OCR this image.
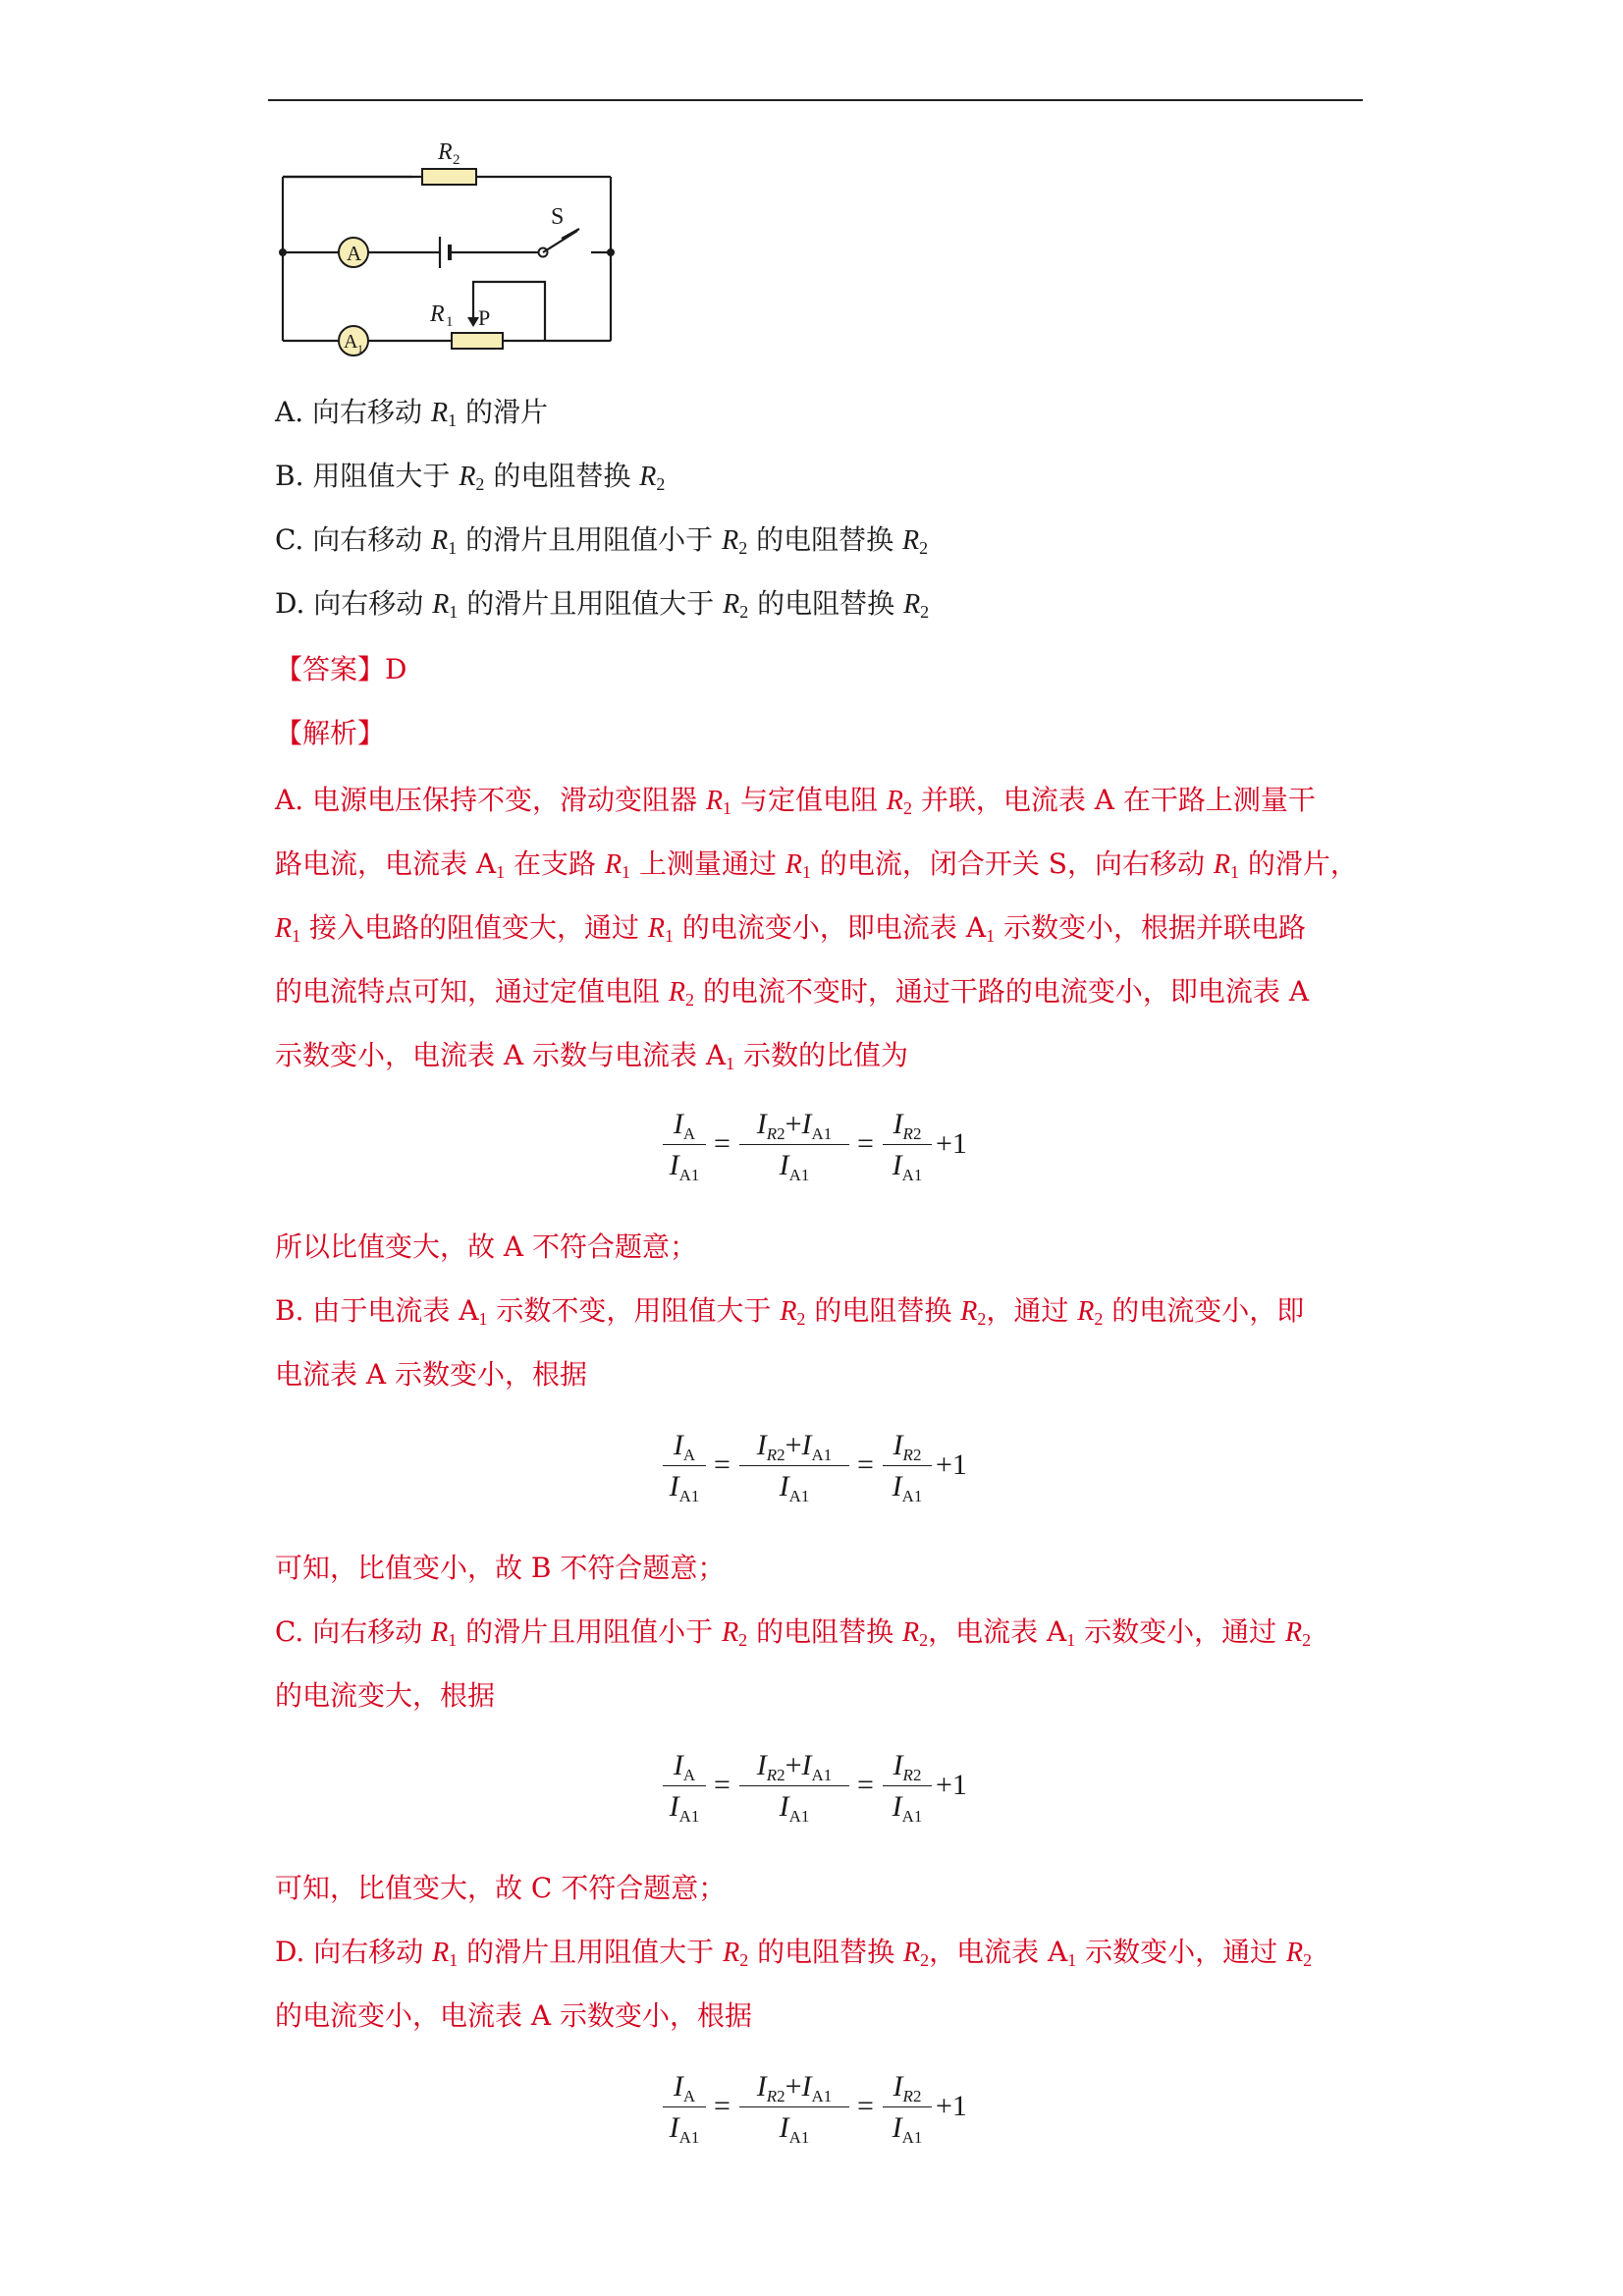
R 2
R 1 P
S
A
A 1
A. 向右移动 $R_1$ 的滑片
B. 用阻值大于 $R_2$ 的电阻替换 $R_2$
C. 向右移动 $R_1$ 的滑片且用阻值小于 $R_2$ 的电阻替换 $R_2$
D. 向右移动 $R_1$ 的滑片且用阻值大于 $R_2$ 的电阻替换 $R_2$
【答案】D
【解析】
A. 电源电压保持不变，滑动变阻器 $R_1$ 与定值电阻 $R_2$ 并联，电流表 A 在干路上测量干
路电流，电流表 $A_1$ 在支路 $R_1$ 上测量通过 $R_1$ 的电流，闭合开关 S，向右移动 $R_1$ 的滑片，
$R_1$ 接入电路的阻值变大，通过 $R_1$ 的电流变小，即电流表 $A_1$ 示数变小，根据并联电路
的电流特点可知，通过定值电阻 $R_2$ 的电流不变时，通过干路的电流变小，即电流表 A
示数变小，电流表 A 示数与电流表 $A_1$ 示数的比值为
$I_A$
$I_{A1}$
=
$I_{R2}+I_{A1}$
$I_{A1}$
=
$I_{R2}$
$I_{A1}$
+1
所以比值变大，故 A 不符合题意；
B. 由于电流表 $A_1$ 示数不变，用阻值大于 $R_2$ 的电阻替换 $R_2$，通过 $R_2$ 的电流变小，即
电流表 A 示数变小，根据
$I_A$
$I_{A1}$
=
$I_{R2}+I_{A1}$
$I_{A1}$
=
$I_{R2}$
$I_{A1}$
+1
可知，比值变小，故 B 不符合题意；
C. 向右移动 $R_1$ 的滑片且用阻值小于 $R_2$ 的电阻替换 $R_2$，电流表 $A_1$ 示数变小，通过 $R_2$
的电流变大，根据
$I_A$
$I_{A1}$
=
$I_{R2}+I_{A1}$
$I_{A1}$
=
$I_{R2}$
$I_{A1}$
+1
可知，比值变大，故 C 不符合题意；
D. 向右移动 $R_1$ 的滑片且用阻值大于 $R_2$ 的电阻替换 $R_2$，电流表 $A_1$ 示数变小，通过 $R_2$
的电流变小，电流表 A 示数变小，根据
$I_A$
$I_{A1}$
=
$I_{R2}+I_{A1}$
$I_{A1}$
=
$I_{R2}$
$I_{A1}$
+1
